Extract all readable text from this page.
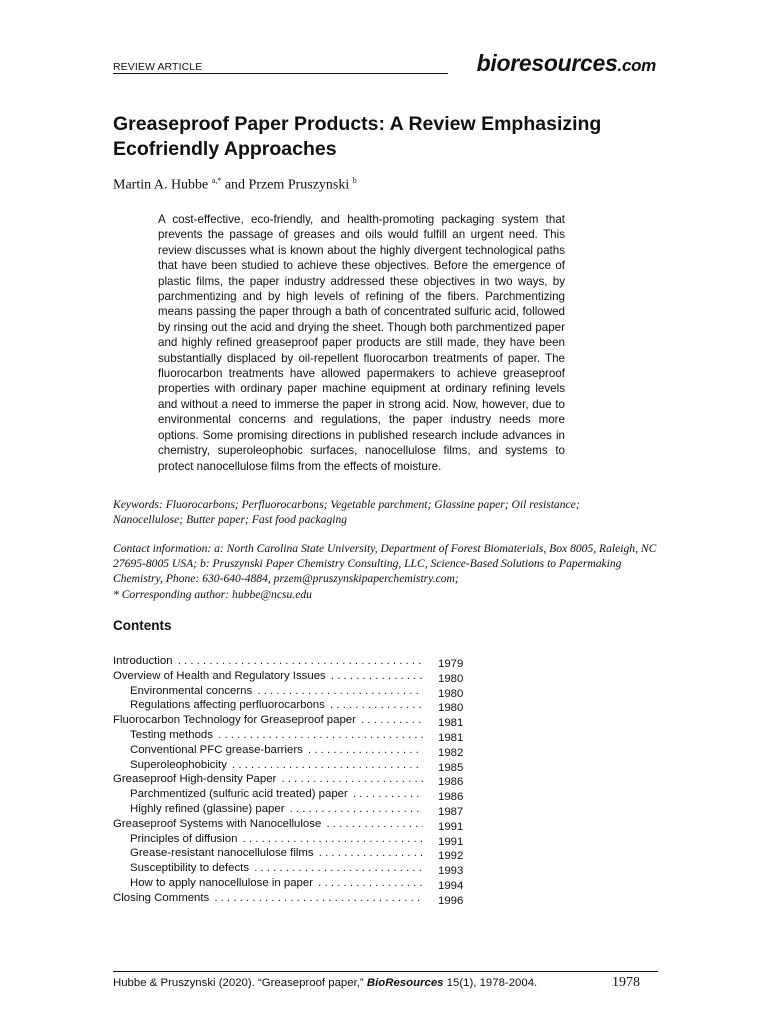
REVIEW ARTICLE	bioresources.com
Greaseproof Paper Products: A Review Emphasizing
Ecofriendly Approaches
Martin A. Hubbe $^{a,*}$ and Przem Pruszynski $^b$
A cost-effective, eco-friendly, and health-promoting packaging system that prevents the passage of greases and oils would fulfill an urgent need. This review discusses what is known about the highly divergent technological paths that have been studied to achieve these objectives. Before the emergence of plastic films, the paper industry addressed these objectives in two ways, by parchmentizing and by high levels of refining of the fibers. Parchmentizing means passing the paper through a bath of concentrated sulfuric acid, followed by rinsing out the acid and drying the sheet. Though both parchmentized paper and highly refined greaseproof paper products are still made, they have been substantially displaced by oil-repellent fluorocarbon treatments of paper. The fluorocarbon treatments have allowed papermakers to achieve greaseproof properties with ordinary paper machine equipment at ordinary refining levels and without a need to immerse the paper in strong acid. Now, however, due to environmental concerns and regulations, the paper industry needs more options. Some promising directions in published research include advances in chemistry, superoleophobic surfaces, nanocellulose films, and systems to protect nanocellulose films from the effects of moisture.
Keywords: Fluorocarbons; Perfluorocarbons; Vegetable parchment; Glassine paper; Oil resistance; Nanocellulose; Butter paper; Fast food packaging
Contact information: a: North Carolina State University, Department of Forest Biomaterials, Box 8005, Raleigh, NC 27695-8005 USA; b: Pruszynski Paper Chemistry Consulting, LLC, Science-Based Solutions to Papermaking Chemistry, Phone: 630-640-4884, przem@pruszynskipaperchemistry.com;
* Corresponding author: hubbe@ncsu.edu
Contents
Introduction . . .	1979
Overview of Health and Regulatory Issues . . .	1980
Environmental concerns . . .	1980
Regulations affecting perfluorocarbons . . .	1980
Fluorocarbon Technology for Greaseproof paper . . .	1981
Testing methods . . .	1981
Conventional PFC grease-barriers . . .	1982
Superoleophobicity . . .	1985
Greaseproof High-density Paper . . .	1986
Parchmentized (sulfuric acid treated) paper . . .	1986
Highly refined (glassine) paper . . .	1987
Greaseproof Systems with Nanocellulose . . .	1991
Principles of diffusion . . .	1991
Grease-resistant nanocellulose films . . .	1992
Susceptibility to defects . . .	1993
How to apply nanocellulose in paper . . .	1994
Closing Comments . . .	1996
Hubbe & Pruszynski (2020). “Greaseproof paper,” BioResources 15(1), 1978-2004.	1978
